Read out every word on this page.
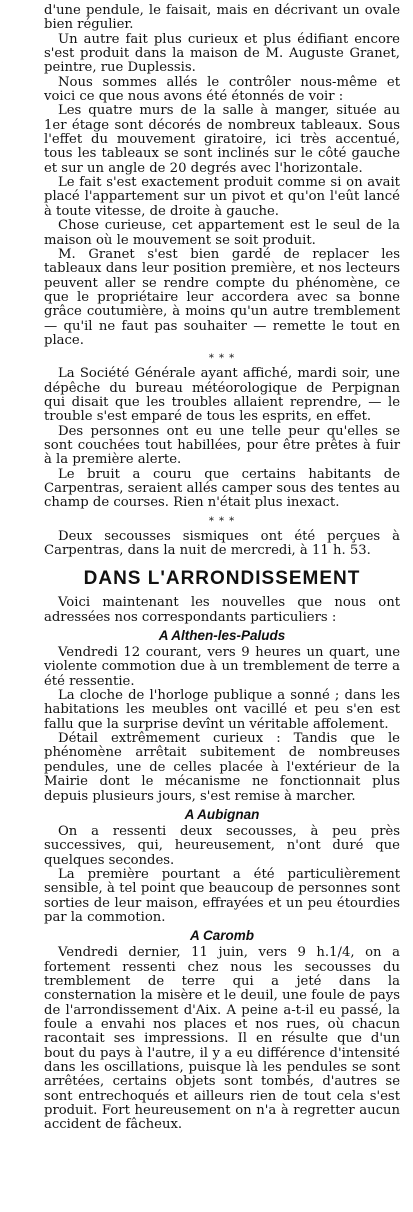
d'une pendule, le faisait, mais en décrivant un ovale bien régulier.

Un autre fait plus curieux et plus édifiant encore s'est produit dans la maison de M. Auguste Granet, peintre, rue Duplessis.

Nous sommes allés le contrôler nous-même et voici ce que nous avons été étonnés de voir :

Les quatre murs de la salle à manger, située au 1er étage sont décorés de nombreux tableaux. Sous l'effet du mouvement giratoire, ici très accentué, tous les tableaux se sont inclinés sur le côté gauche et sur un angle de 20 degrés avec l'horizontale.

Le fait s'est exactement produit comme si on avait placé l'appartement sur un pivot et qu'on l'eût lancé à toute vitesse, de droite à gauche.

Chose curieuse, cet appartement est le seul de la maison où le mouvement se soit produit.

M. Granet s'est bien gardé de replacer les tableaux dans leur position première, et nos lecteurs peuvent aller se rendre compte du phénomène, ce que le propriétaire leur accordera avec sa bonne grâce coutumière, à moins qu'un autre tremblement — qu'il ne faut pas souhaiter — remette le tout en place.

* * *

La Société Générale ayant affiché, mardi soir, une dépêche du bureau météorologique de Perpignan qui disait que les troubles allaient reprendre, — le trouble s'est emparé de tous les esprits, en effet.

Des personnes ont eu une telle peur qu'elles se sont couchées tout habillées, pour être prêtes à fuir à la première alerte.

Le bruit a couru que certains habitants de Carpentras, seraient allés camper sous des tentes au champ de courses. Rien n'était plus inexact.

* * *

Deux secousses sismiques ont été perçues à Carpentras, dans la nuit de mercredi, à 11 h. 53.

DANS L'ARRONDISSEMENT

Voici maintenant les nouvelles que nous ont adressées nos correspondants particuliers :

A Althen-les-Paluds

Vendredi 12 courant, vers 9 heures un quart, une violente commotion due à un tremblement de terre a été ressentie.

La cloche de l'horloge publique a sonné ; dans les habitations les meubles ont vacillé et peu s'en est fallu que la surprise devînt un véritable affolement.

Détail extrêmement curieux : Tandis que le phénomène arrêtait subitement de nombreuses pendules, une de celles placée à l'extérieur de la Mairie dont le mécanisme ne fonctionnait plus depuis plusieurs jours, s'est remise à marcher.

A Aubignan

On a ressenti deux secousses, à peu près successives, qui, heureusement, n'ont duré que quelques secondes.

La première pourtant a été particulièrement sensible, à tel point que beaucoup de personnes sont sorties de leur maison, effrayées et un peu étourdies par la commotion.

A Caromb

Vendredi dernier, 11 juin, vers 9 h.1/4, on a fortement ressenti chez nous les secousses du tremblement de terre qui a jeté dans la consternation la misère et le deuil, une foule de pays de l'arrondissement d'Aix. A peine a-t-il eu passé, la foule a envahi nos places et nos rues, où chacun racontait ses impressions. Il en résulte que d'un bout du pays à l'autre, il y a eu différence d'intensité dans les oscillations, puisque là les pendules se sont arrêtées, certains objets sont tombés, d'autres se sont entrechoqués et ailleurs rien de tout cela s'est produit. Fort heureusement on n'a à regretter aucun accident de fâcheux.
